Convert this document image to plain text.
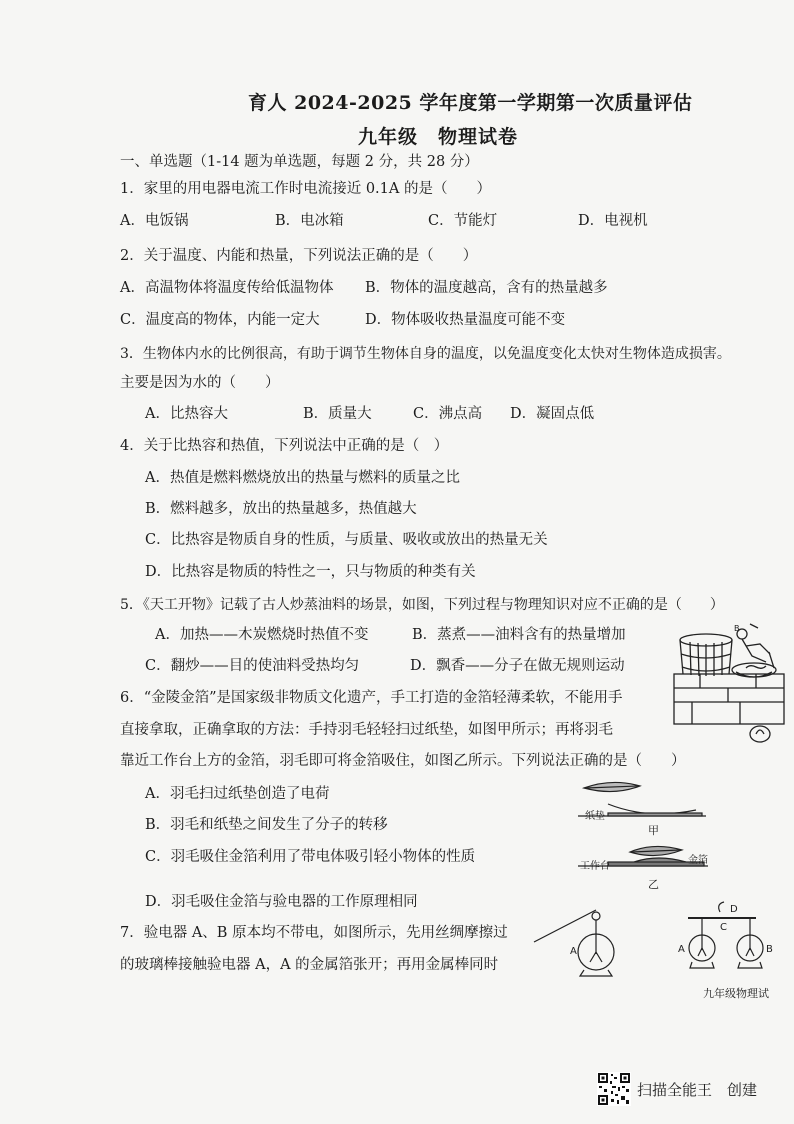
育人 2024-2025 学年度第一学期第一次质量评估
九年级　物理试卷
一、单选题（1-14 题为单选题，每题 2 分，共 28 分）
1．家里的用电器电流工作时电流接近 0.1A 的是（　　）
A．电饭锅	B．电冰箱	C．节能灯	D．电视机
2．关于温度、内能和热量，下列说法正确的是（　　）
A．高温物体将温度传给低温物体 B．物体的温度越高，含有的热量越多
C．温度高的物体，内能一定大	D．物体吸收热量温度可能不变
3．生物体内水的比例很高，有助于调节生物体自身的温度，以免温度变化太快对生物体造成损害。
主要是因为水的（　　）
A．比热容大	B．质量大	C．沸点高 D．凝固点低
4．关于比热容和热值，下列说法中正确的是（　）
A．热值是燃料燃烧放出的热量与燃料的质量之比
B．燃料越多，放出的热量越多，热值越大
C．比热容是物质自身的性质，与质量、吸收或放出的热量无关
D．比热容是物质的特性之一，只与物质的种类有关
5．《天工开物》记载了古人炒蒸油料的场景，如图，下列过程与物理知识对应不正确的是（　　）
A．加热——木炭燃烧时热值不变	B．蒸煮——油料含有的热量增加
C．翻炒——目的使油料受热均匀	D．飘香——分子在做无规则运动
B
6．“金陵金箔”是国家级非物质文化遗产，手工打造的金箔轻薄柔软，不能用手
直接拿取，正确拿取的方法：手持羽毛轻轻扫过纸垫，如图甲所示；再将羽毛
靠近工作台上方的金箔，羽毛即可将金箔吸住，如图乙所示。下列说法正确的是（　　）
A．羽毛扫过纸垫创造了电荷
B．羽毛和纸垫之间发生了分子的转移
C．羽毛吸住金箔利用了带电体吸引轻小物体的性质
D．羽毛吸住金箔与验电器的工作原理相同
纸垫
甲
工作台
金箔
乙
7．验电器 A、B 原本均不带电，如图所示，先用丝绸摩擦过
的玻璃棒接触验电器 A，A 的金属箔张开；再用金属棒同时
A	A	B
C
D
九年级物理试
扫描全能王　创建
